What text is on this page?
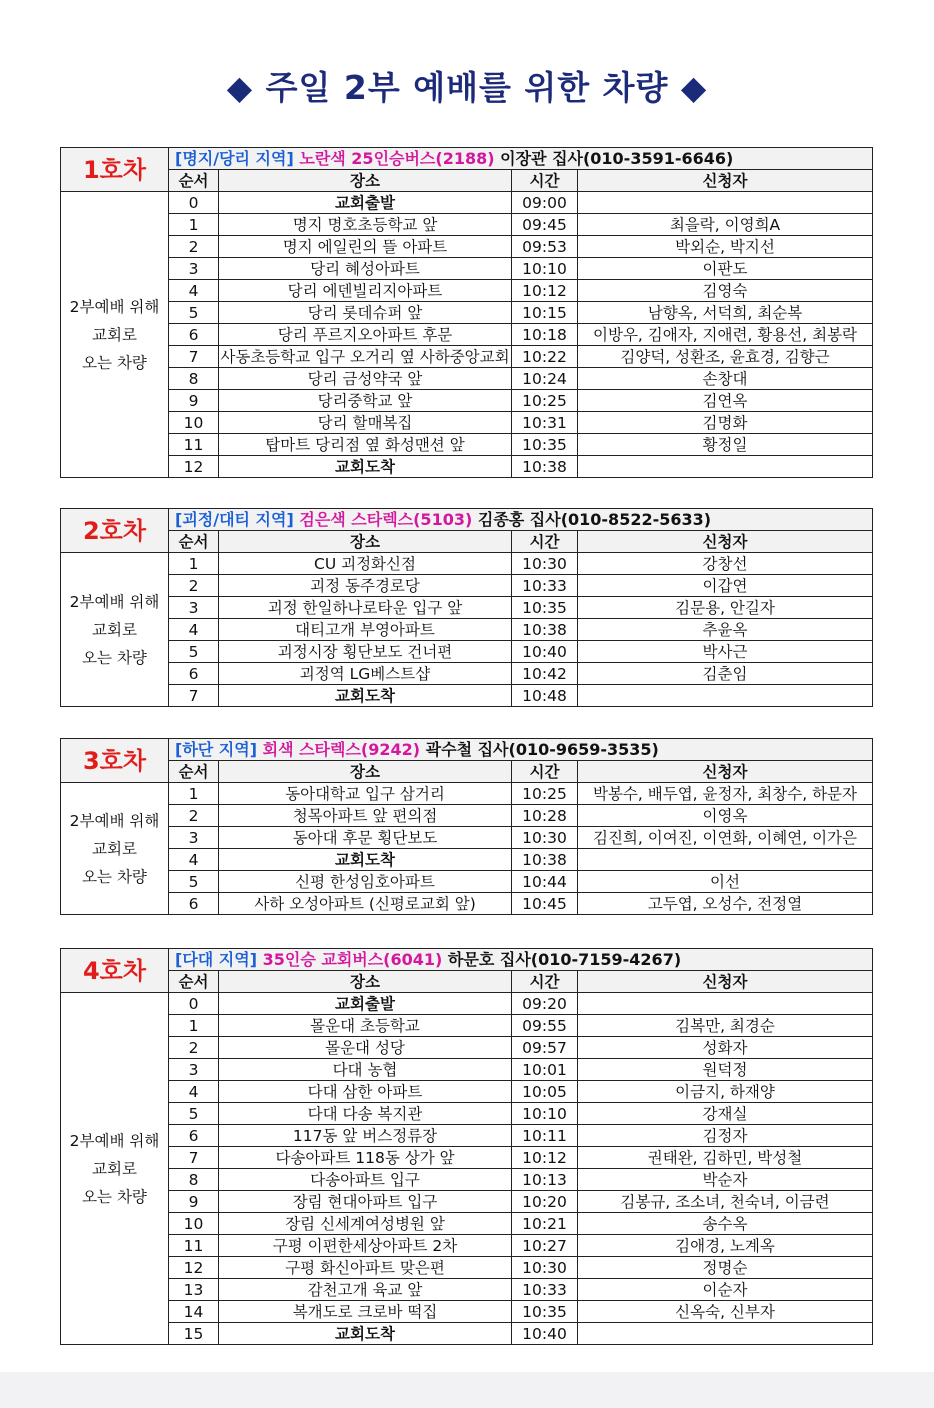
◆ 주일 2부 예배를 위한 차량 ◆
1호차	[명지/당리 지역] 노란색 25인승버스(2188) 이장관 집사(010-3591-6646)			
	순서	장소	시간	신청자

2부예배 위해
교회로
오는 차량	0	교회출발	09:00	
	1	명지 명호초등학교 앞	09:45	최을락, 이영희A
	2	명지 에일린의 뜰 아파트	09:53	박외순, 박지선
	3	당리 혜성아파트	10:10	이판도
	4	당리 에덴빌리지아파트	10:12	김영숙
	5	당리 롯데슈퍼 앞	10:15	남향옥, 서덕희, 최순복
	6	당리 푸르지오아파트 후문	10:18	이방우, 김애자, 지애련, 황용선, 최봉락
	7	사동초등학교 입구 오거리 옆 사하중앙교회	10:22	김양덕, 성환조, 윤효경, 김향근
	8	당리 금성약국 앞	10:24	손창대
	9	당리중학교 앞	10:25	김연옥
	10	당리 할매복집	10:31	김명화
	11	탑마트 당리점 옆 화성맨션 앞	10:35	황정일
	12	교회도착	10:38	
2호차	[괴정/대티 지역] 검은색 스타렉스(5103) 김종홍 집사(010-8522-5633)			
	순서	장소	시간	신청자

2부예배 위해
교회로
오는 차량	1	CU 괴정화신점	10:30	강창선
	2	괴정 동주경로당	10:33	이갑연
	3	괴정 한일하나로타운 입구 앞	10:35	김문용, 안길자
	4	대티고개 부영아파트	10:38	추윤옥
	5	괴정시장 횡단보도 건너편	10:40	박사근
	6	괴정역 LG베스트샵	10:42	김춘임
	7	교회도착	10:48	
3호차	[하단 지역] 회색 스타렉스(9242) 곽수철 집사(010-9659-3535)			
	순서	장소	시간	신청자

2부예배 위해
교회로
오는 차량	1	동아대학교 입구 삼거리	10:25	박봉수, 배두엽, 윤정자, 최창수, 하문자
	2	청목아파트 앞 편의점	10:28	이영옥
	3	동아대 후문 횡단보도	10:30	김진희, 이여진, 이연화, 이혜연, 이가은
	4	교회도착	10:38	
	5	신평 한성임호아파트	10:44	이선
	6	사하 오성아파트 (신평로교회 앞)	10:45	고두엽, 오성수, 전정열
4호차	[다대 지역] 35인승 교회버스(6041) 하문호 집사(010-7159-4267)			
	순서	장소	시간	신청자

2부예배 위해
교회로
오는 차량	0	교회출발	09:20	
	1	몰운대 초등학교	09:55	김복만, 최경순
	2	몰운대 성당	09:57	성화자
	3	다대 농협	10:01	원덕정
	4	다대 삼한 아파트	10:05	이금지, 하재양
	5	다대 다송 복지관	10:10	강재실
	6	117동 앞 버스정류장	10:11	김정자
	7	다송아파트 118동 상가 앞	10:12	권태완, 김하민, 박성철
	8	다송아파트 입구	10:13	박순자
	9	장림 현대아파트 입구	10:20	김봉규, 조소녀, 천숙녀, 이금련
	10	장림 신세계여성병원 앞	10:21	송수옥
	11	구평 이편한세상아파트 2차	10:27	김애경, 노계옥
	12	구평 화신아파트 맞은편	10:30	정명순
	13	감천고개 육교 앞	10:33	이순자
	14	복개도로 크로바 떡집	10:35	신옥숙, 신부자
	15	교회도착	10:40	
